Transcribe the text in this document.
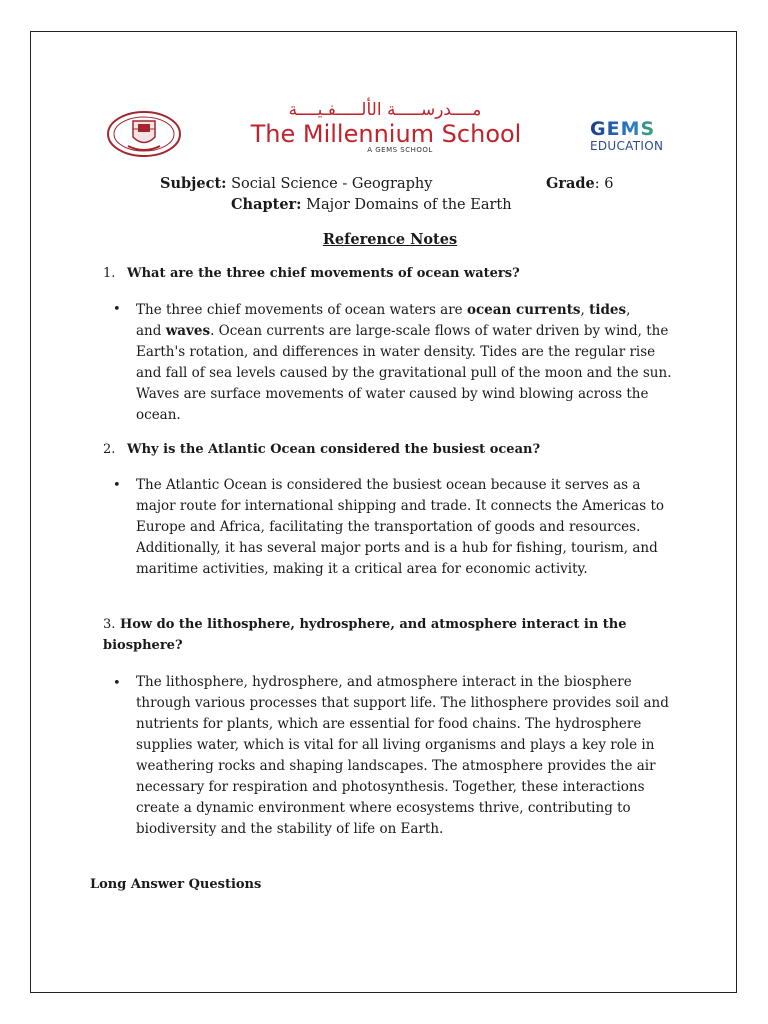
مــــدرســـــة الألـــــفـيــــة
The Millennium School
A GEMS SCHOOL
GEMS
EDUCATION
Subject: Social Science - Geography	Grade: 6
Chapter: Major Domains of the Earth
Reference Notes
1. What are the three chief movements of ocean waters?
• The three chief movements of ocean waters are ocean currents, tides,
and waves. Ocean currents are large-scale flows of water driven by wind, the Earth's rotation, and differences in water density. Tides are the regular rise and fall of sea levels caused by the gravitational pull of the moon and the sun. Waves are surface movements of water caused by wind blowing across the ocean.
2. Why is the Atlantic Ocean considered the busiest ocean?
• The Atlantic Ocean is considered the busiest ocean because it serves as a major route for international shipping and trade. It connects the Americas to Europe and Africa, facilitating the transportation of goods and resources. Additionally, it has several major ports and is a hub for fishing, tourism, and maritime activities, making it a critical area for economic activity.
3. How do the lithosphere, hydrosphere, and atmosphere interact in the biosphere?
• The lithosphere, hydrosphere, and atmosphere interact in the biosphere through various processes that support life. The lithosphere provides soil and nutrients for plants, which are essential for food chains. The hydrosphere supplies water, which is vital for all living organisms and plays a key role in weathering rocks and shaping landscapes. The atmosphere provides the air necessary for respiration and photosynthesis. Together, these interactions create a dynamic environment where ecosystems thrive, contributing to biodiversity and the stability of life on Earth.
Long Answer Questions
